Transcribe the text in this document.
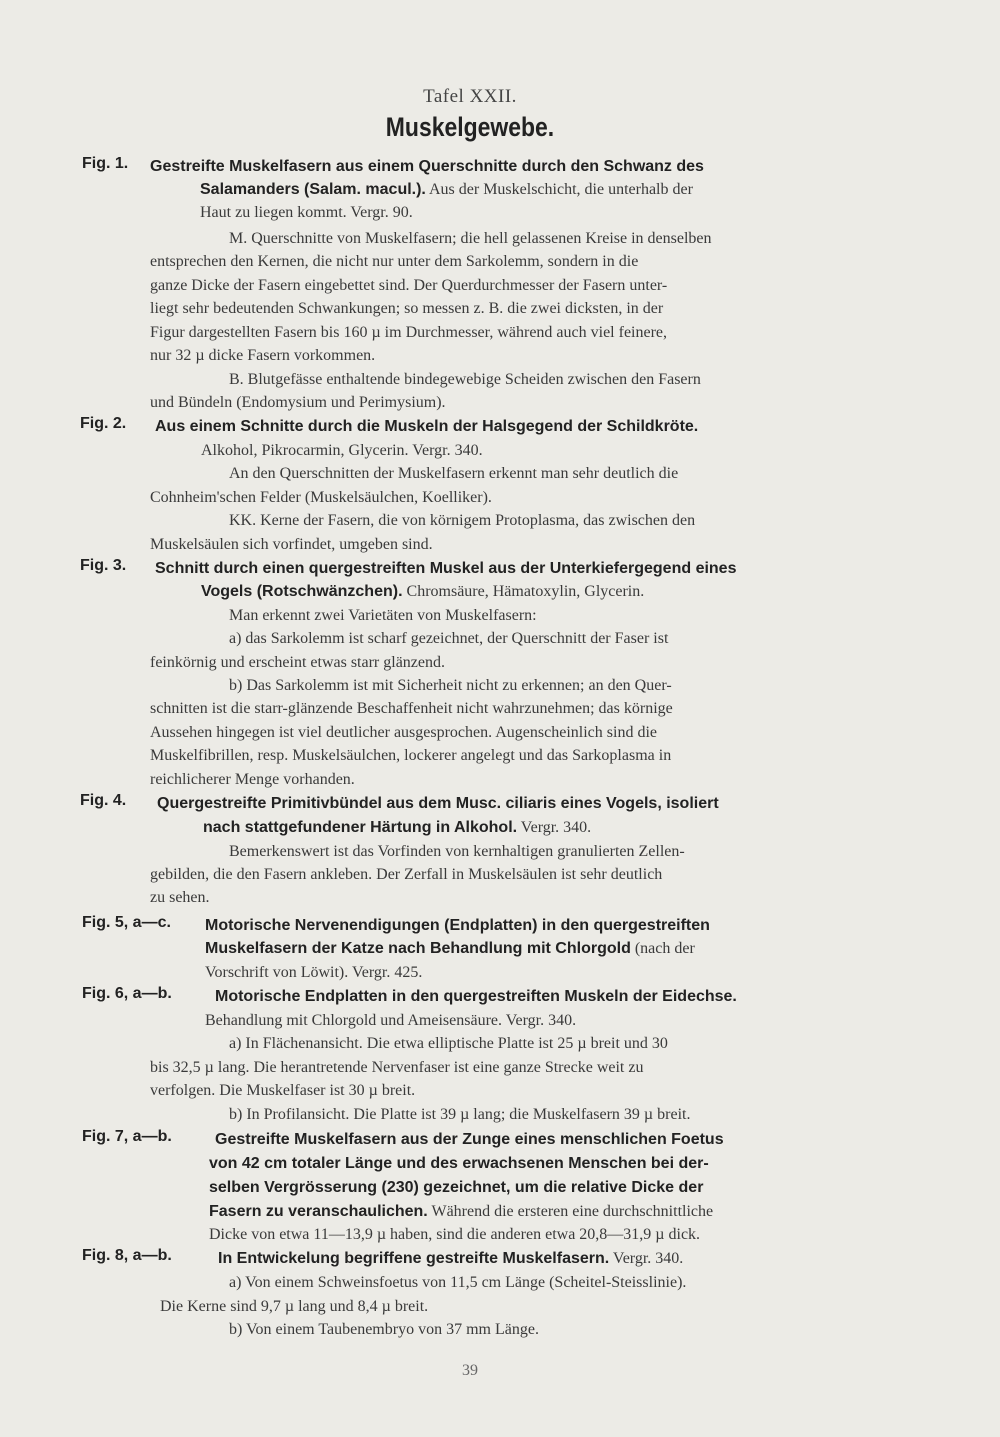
Tafel XXII.
Muskelgewebe.
Fig. 1. Gestreifte Muskelfasern aus einem Querschnitte durch den Schwanz des
Salamanders (Salam. macul.). Aus der Muskelschicht, die unterhalb der
Haut zu liegen kommt. Vergr. 90.
M. Querschnitte von Muskelfasern; die hell gelassenen Kreise in denselben
entsprechen den Kernen, die nicht nur unter dem Sarkolemm, sondern in die
ganze Dicke der Fasern eingebettet sind. Der Querdurchmesser der Fasern unter-
liegt sehr bedeutenden Schwankungen; so messen z. B. die zwei dicksten, in der
Figur dargestellten Fasern bis 160 µ im Durchmesser, während auch viel feinere,
nur 32 µ dicke Fasern vorkommen.
B. Blutgefässe enthaltende bindegewebige Scheiden zwischen den Fasern
und Bündeln (Endomysium und Perimysium).
Fig. 2. Aus einem Schnitte durch die Muskeln der Halsgegend der Schildkröte.
Alkohol, Pikrocarmin, Glycerin. Vergr. 340.
An den Querschnitten der Muskelfasern erkennt man sehr deutlich die
Cohnheim'schen Felder (Muskelsäulchen, Koelliker).
KK. Kerne der Fasern, die von körnigem Protoplasma, das zwischen den
Muskelsäulen sich vorfindet, umgeben sind.
Fig. 3. Schnitt durch einen quergestreiften Muskel aus der Unterkiefergegend eines
Vogels (Rotschwänzchen). Chromsäure, Hämatoxylin, Glycerin.
Man erkennt zwei Varietäten von Muskelfasern:
a) das Sarkolemm ist scharf gezeichnet, der Querschnitt der Faser ist
feinkörnig und erscheint etwas starr glänzend.
b) Das Sarkolemm ist mit Sicherheit nicht zu erkennen; an den Quer-
schnitten ist die starr-glänzende Beschaffenheit nicht wahrzunehmen; das körnige
Aussehen hingegen ist viel deutlicher ausgesprochen. Augenscheinlich sind die
Muskelfibrillen, resp. Muskelsäulchen, lockerer angelegt und das Sarkoplasma in
reichlicherer Menge vorhanden.
Fig. 4. Quergestreifte Primitivbündel aus dem Musc. ciliaris eines Vogels, isoliert
nach stattgefundener Härtung in Alkohol. Vergr. 340.
Bemerkenswert ist das Vorfinden von kernhaltigen granulierten Zellen-
gebilden, die den Fasern ankleben. Der Zerfall in Muskelsäulen ist sehr deutlich
zu sehen.
Fig. 5, a—c. Motorische Nervenendigungen (Endplatten) in den quergestreiften
Muskelfasern der Katze nach Behandlung mit Chlorgold (nach der
Vorschrift von Löwit). Vergr. 425.
Fig. 6, a—b.	Motorische Endplatten in den quergestreiften Muskeln der Eidechse.
Behandlung mit Chlorgold und Ameisensäure. Vergr. 340.
a) In Flächenansicht. Die etwa elliptische Platte ist 25 µ breit und 30
bis 32,5 µ lang. Die herantretende Nervenfaser ist eine ganze Strecke weit zu
verfolgen. Die Muskelfaser ist 30 µ breit.
b) In Profilansicht. Die Platte ist 39 µ lang; die Muskelfasern 39 µ breit.
Fig. 7, a—b.	Gestreifte Muskelfasern aus der Zunge eines menschlichen Foetus
von 42 cm totaler Länge und des erwachsenen Menschen bei der-
selben Vergrösserung (230) gezeichnet, um die relative Dicke der
Fasern zu veranschaulichen. Während die ersteren eine durchschnittliche
Dicke von etwa 11—13,9 µ haben, sind die anderen etwa 20,8—31,9 µ dick.
Fig. 8, a—b.	In Entwickelung begriffene gestreifte Muskelfasern. Vergr. 340.
a) Von einem Schweinsfoetus von 11,5 cm Länge (Scheitel-Steisslinie).
Die Kerne sind 9,7 µ lang und 8,4 µ breit.
b) Von einem Taubenembryo von 37 mm Länge.
39
